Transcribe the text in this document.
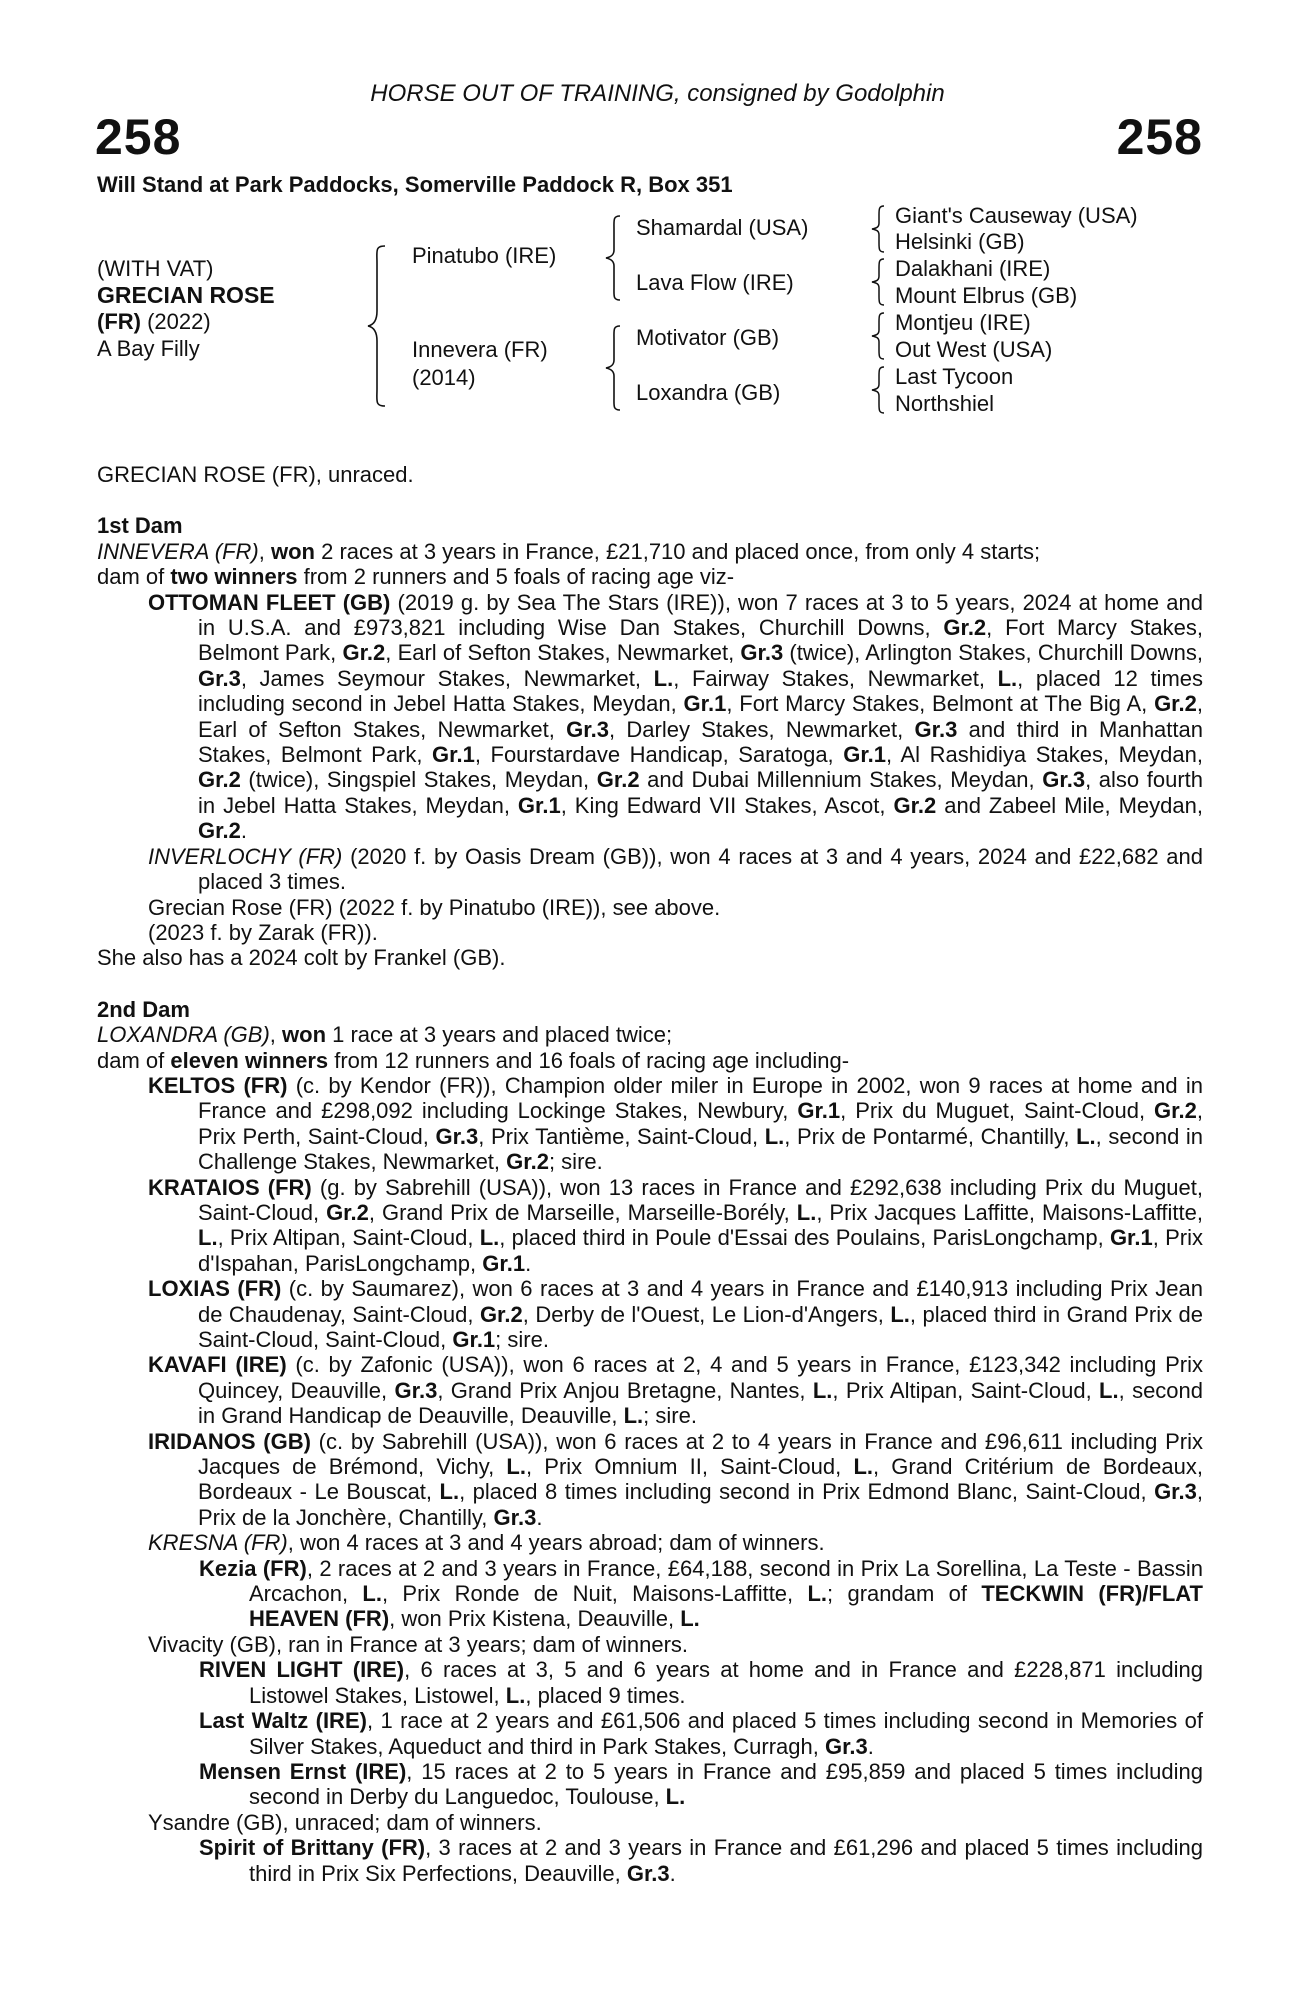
HORSE OUT OF TRAINING, consigned by Godolphin
258	258
Will Stand at Park Paddocks, Somerville Paddock R, Box 351
(WITH VAT)
GRECIAN ROSE
(FR) (2022)
A Bay Filly
Pinatubo (IRE)
Innevera (FR)
(2014)
Shamardal (USA)
Lava Flow (IRE)
Motivator (GB)
Loxandra (GB)
Giant's Causeway (USA)
Helsinki (GB)
Dalakhani (IRE)
Mount Elbrus (GB)
Montjeu (IRE)
Out West (USA)
Last Tycoon
Northshiel

GRECIAN ROSE (FR), unraced.

1st Dam

INNEVERA (FR), won 2 races at 3 years in France, £21,710 and placed once, from only 4 starts;

dam of two winners from 2 runners and 5 foals of racing age viz-

OTTOMAN FLEET (GB) (2019 g. by Sea The Stars (IRE)), won 7 races at 3 to 5 years, 2024 at home and in U.S.A. and £973,821 including Wise Dan Stakes, Churchill Downs, Gr.2, Fort Marcy Stakes, Belmont Park, Gr.2, Earl of Sefton Stakes, Newmarket, Gr.3 (twice), Arlington Stakes, Churchill Downs, Gr.3, James Seymour Stakes, Newmarket, L., Fairway Stakes, Newmarket, L., placed 12 times including second in Jebel Hatta Stakes, Meydan, Gr.1, Fort Marcy Stakes, Belmont at The Big A, Gr.2, Earl of Sefton Stakes, Newmarket, Gr.3, Darley Stakes, Newmarket, Gr.3 and third in Manhattan Stakes, Belmont Park, Gr.1, Fourstardave Handicap, Saratoga, Gr.1, Al Rashidiya Stakes, Meydan, Gr.2 (twice), Singspiel Stakes, Meydan, Gr.2 and Dubai Millennium Stakes, Meydan, Gr.3, also fourth in Jebel Hatta Stakes, Meydan, Gr.1, King Edward VII Stakes, Ascot, Gr.2 and Zabeel Mile, Meydan, Gr.2.

INVERLOCHY (FR) (2020 f. by Oasis Dream (GB)), won 4 races at 3 and 4 years, 2024 and £22,682 and placed 3 times.

Grecian Rose (FR) (2022 f. by Pinatubo (IRE)), see above.

(2023 f. by Zarak (FR)).

She also has a 2024 colt by Frankel (GB).

2nd Dam

LOXANDRA (GB), won 1 race at 3 years and placed twice;

dam of eleven winners from 12 runners and 16 foals of racing age including-

KELTOS (FR) (c. by Kendor (FR)), Champion older miler in Europe in 2002, won 9 races at home and in France and £298,092 including Lockinge Stakes, Newbury, Gr.1, Prix du Muguet, Saint-Cloud, Gr.2, Prix Perth, Saint-Cloud, Gr.3, Prix Tantième, Saint-Cloud, L., Prix de Pontarmé, Chantilly, L., second in Challenge Stakes, Newmarket, Gr.2; sire.

KRATAIOS (FR) (g. by Sabrehill (USA)), won 13 races in France and £292,638 including Prix du Muguet, Saint-Cloud, Gr.2, Grand Prix de Marseille, Marseille-Borély, L., Prix Jacques Laffitte, Maisons-Laffitte, L., Prix Altipan, Saint-Cloud, L., placed third in Poule d'Essai des Poulains, ParisLongchamp, Gr.1, Prix d'Ispahan, ParisLongchamp, Gr.1.

LOXIAS (FR) (c. by Saumarez), won 6 races at 3 and 4 years in France and £140,913 including Prix Jean de Chaudenay, Saint-Cloud, Gr.2, Derby de l'Ouest, Le Lion-d'Angers, L., placed third in Grand Prix de Saint-Cloud, Saint-Cloud, Gr.1; sire.

KAVAFI (IRE) (c. by Zafonic (USA)), won 6 races at 2, 4 and 5 years in France, £123,342 including Prix Quincey, Deauville, Gr.3, Grand Prix Anjou Bretagne, Nantes, L., Prix Altipan, Saint-Cloud, L., second in Grand Handicap de Deauville, Deauville, L.; sire.

IRIDANOS (GB) (c. by Sabrehill (USA)), won 6 races at 2 to 4 years in France and £96,611 including Prix Jacques de Brémond, Vichy, L., Prix Omnium II, Saint-Cloud, L., Grand Critérium de Bordeaux, Bordeaux - Le Bouscat, L., placed 8 times including second in Prix Edmond Blanc, Saint-Cloud, Gr.3, Prix de la Jonchère, Chantilly, Gr.3.

KRESNA (FR), won 4 races at 3 and 4 years abroad; dam of winners.

Kezia (FR), 2 races at 2 and 3 years in France, £64,188, second in Prix La Sorellina, La Teste - Bassin Arcachon, L., Prix Ronde de Nuit, Maisons-Laffitte, L.; grandam of TECKWIN (FR)/FLAT HEAVEN (FR), won Prix Kistena, Deauville, L.

Vivacity (GB), ran in France at 3 years; dam of winners.

RIVEN LIGHT (IRE), 6 races at 3, 5 and 6 years at home and in France and £228,871 including Listowel Stakes, Listowel, L., placed 9 times.

Last Waltz (IRE), 1 race at 2 years and £61,506 and placed 5 times including second in Memories of Silver Stakes, Aqueduct and third in Park Stakes, Curragh, Gr.3.

Mensen Ernst (IRE), 15 races at 2 to 5 years in France and £95,859 and placed 5 times including second in Derby du Languedoc, Toulouse, L.

Ysandre (GB), unraced; dam of winners.

Spirit of Brittany (FR), 3 races at 2 and 3 years in France and £61,296 and placed 5 times including third in Prix Six Perfections, Deauville, Gr.3.
